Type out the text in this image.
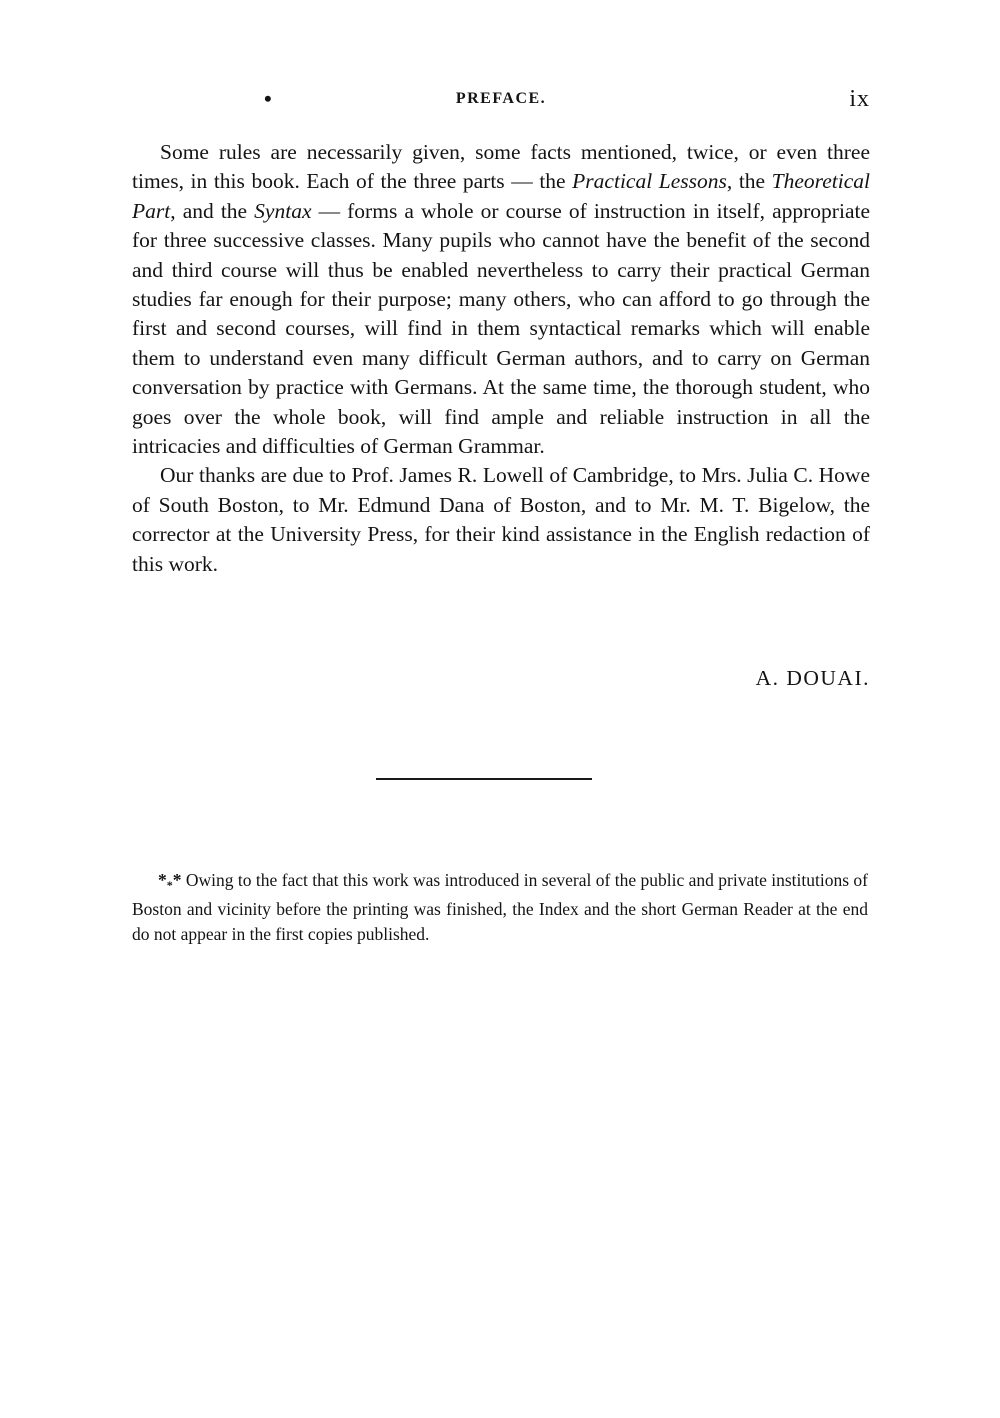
•	PREFACE.	ix

Some rules are necessarily given, some facts mentioned, twice, or even three times, in this book. Each of the three parts — the Practical Lessons, the Theoretical Part, and the Syntax — forms a whole or course of instruction in itself, appropriate for three successive classes. Many pupils who cannot have the benefit of the second and third course will thus be enabled nevertheless to carry their practical German studies far enough for their purpose; many others, who can afford to go through the first and second courses, will find in them syntactical remarks which will enable them to understand even many difficult German authors, and to carry on German conversation by practice with Germans. At the same time, the thorough student, who goes over the whole book, will find ample and reliable instruction in all the intricacies and difficulties of German Grammar.

Our thanks are due to Prof. James R. Lowell of Cambridge, to Mrs. Julia C. Howe of South Boston, to Mr. Edmund Dana of Boston, and to Mr. M. T. Bigelow, the corrector at the University Press, for their kind assistance in the English redaction of this work.

A. DOUAI.
$*_**$ Owing to the fact that this work was introduced in several of the public and private institutions of Boston and vicinity before the printing was finished, the Index and the short German Reader at the end do not appear in the first copies published.
